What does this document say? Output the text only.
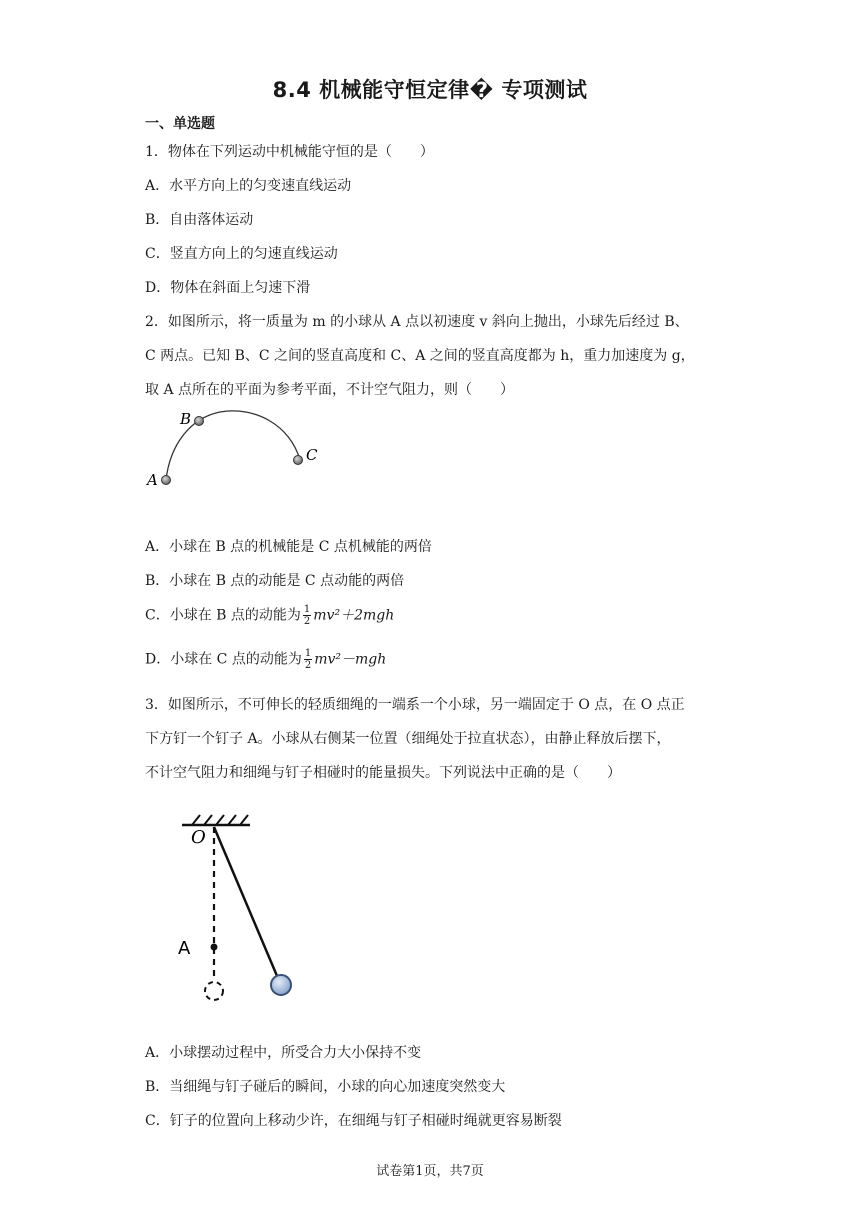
8.4 机械能守恒定律� 专项测试
一、单选题
1．物体在下列运动中机械能守恒的是（　　）
A．水平方向上的匀变速直线运动
B．自由落体运动
C．竖直方向上的匀速直线运动
D．物体在斜面上匀速下滑
2．如图所示，将一质量为 m 的小球从 A 点以初速度 v 斜向上抛出，小球先后经过 B、
C 两点。已知 B、C 之间的竖直高度和 C、A 之间的竖直高度都为 h，重力加速度为 g，
取 A 点所在的平面为参考平面，不计空气阻力，则（　　）
A
B
C
A．小球在 B 点的机械能是 C 点机械能的两倍
B．小球在 B 点的动能是 C 点动能的两倍
C．小球在 B 点的动能为 $\frac{1}{2} mv^2+2mgh$
D．小球在 C 点的动能为 $\frac{1}{2} mv^2-mgh$
3．如图所示，不可伸长的轻质细绳的一端系一个小球，另一端固定于 O 点，在 O 点正
下方钉一个钉子 A。小球从右侧某一位置（细绳处于拉直状态），由静止释放后摆下，
不计空气阻力和细绳与钉子相碰时的能量损失。下列说法中正确的是（　　）
O
A
A．小球摆动过程中，所受合力大小保持不变
B．当细绳与钉子碰后的瞬间，小球的向心加速度突然变大
C．钉子的位置向上移动少许，在细绳与钉子相碰时绳就更容易断裂
试卷第1页，共7页
